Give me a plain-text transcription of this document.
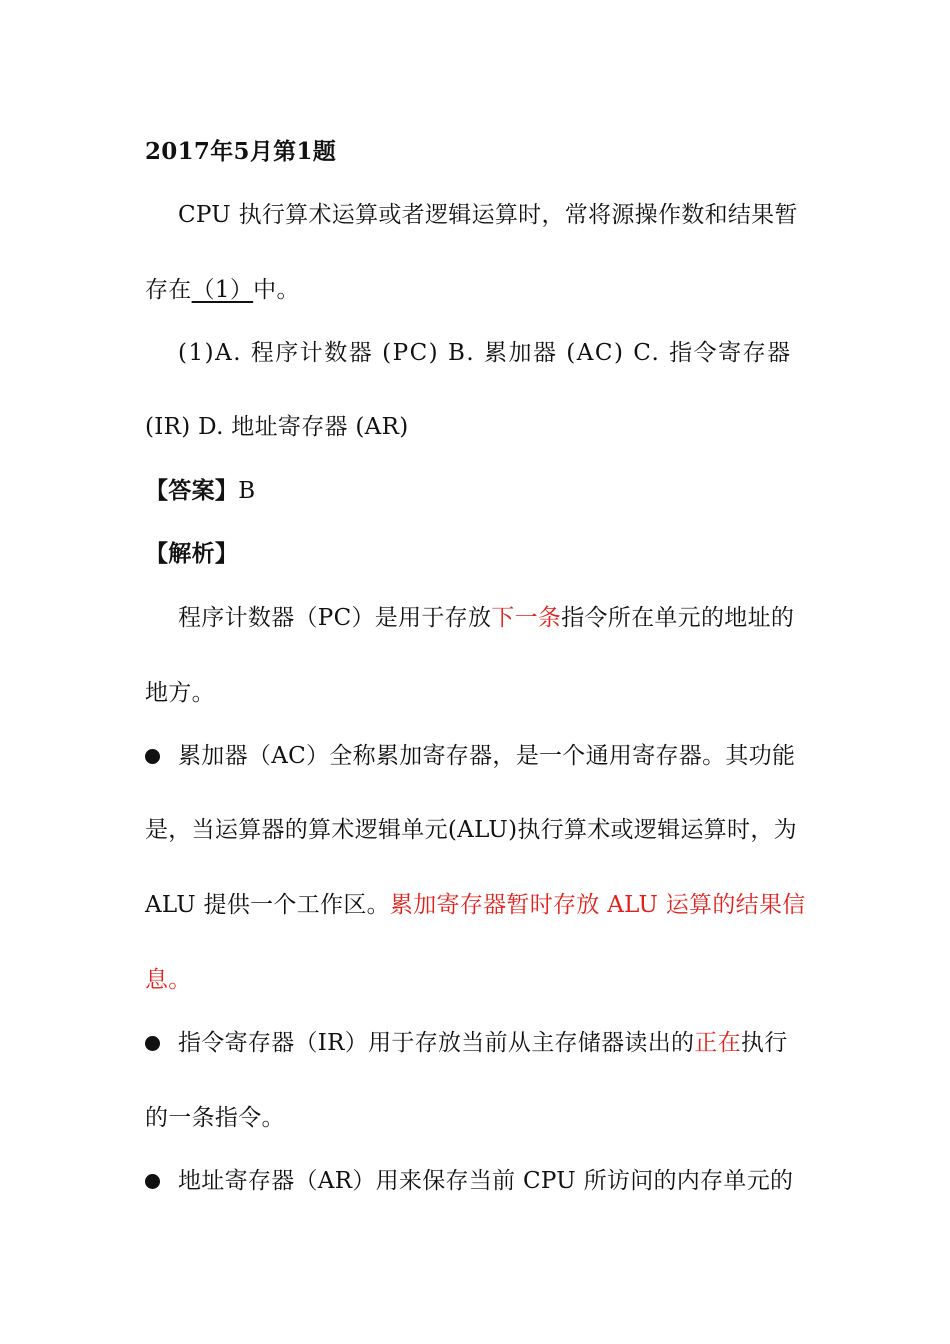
2017年5月第1题
CPU 执行算术运算或者逻辑运算时，常将源操作数和结果暂
存在（1）中。
(1)A. 程序计数器 (PC) B. 累加器 (AC) C. 指令寄存器
(IR) D. 地址寄存器 (AR)
【答案】B
【解析】
程序计数器（PC）是用于存放下一条指令所在单元的地址的
地方。
累加器（AC）全称累加寄存器，是一个通用寄存器。其功能
是，当运算器的算术逻辑单元(ALU)执行算术或逻辑运算时，为
ALU 提供一个工作区。累加寄存器暂时存放 ALU 运算的结果信
息。
指令寄存器（IR）用于存放当前从主存储器读出的正在执行
的一条指令。
地址寄存器（AR）用来保存当前 CPU 所访问的内存单元的
